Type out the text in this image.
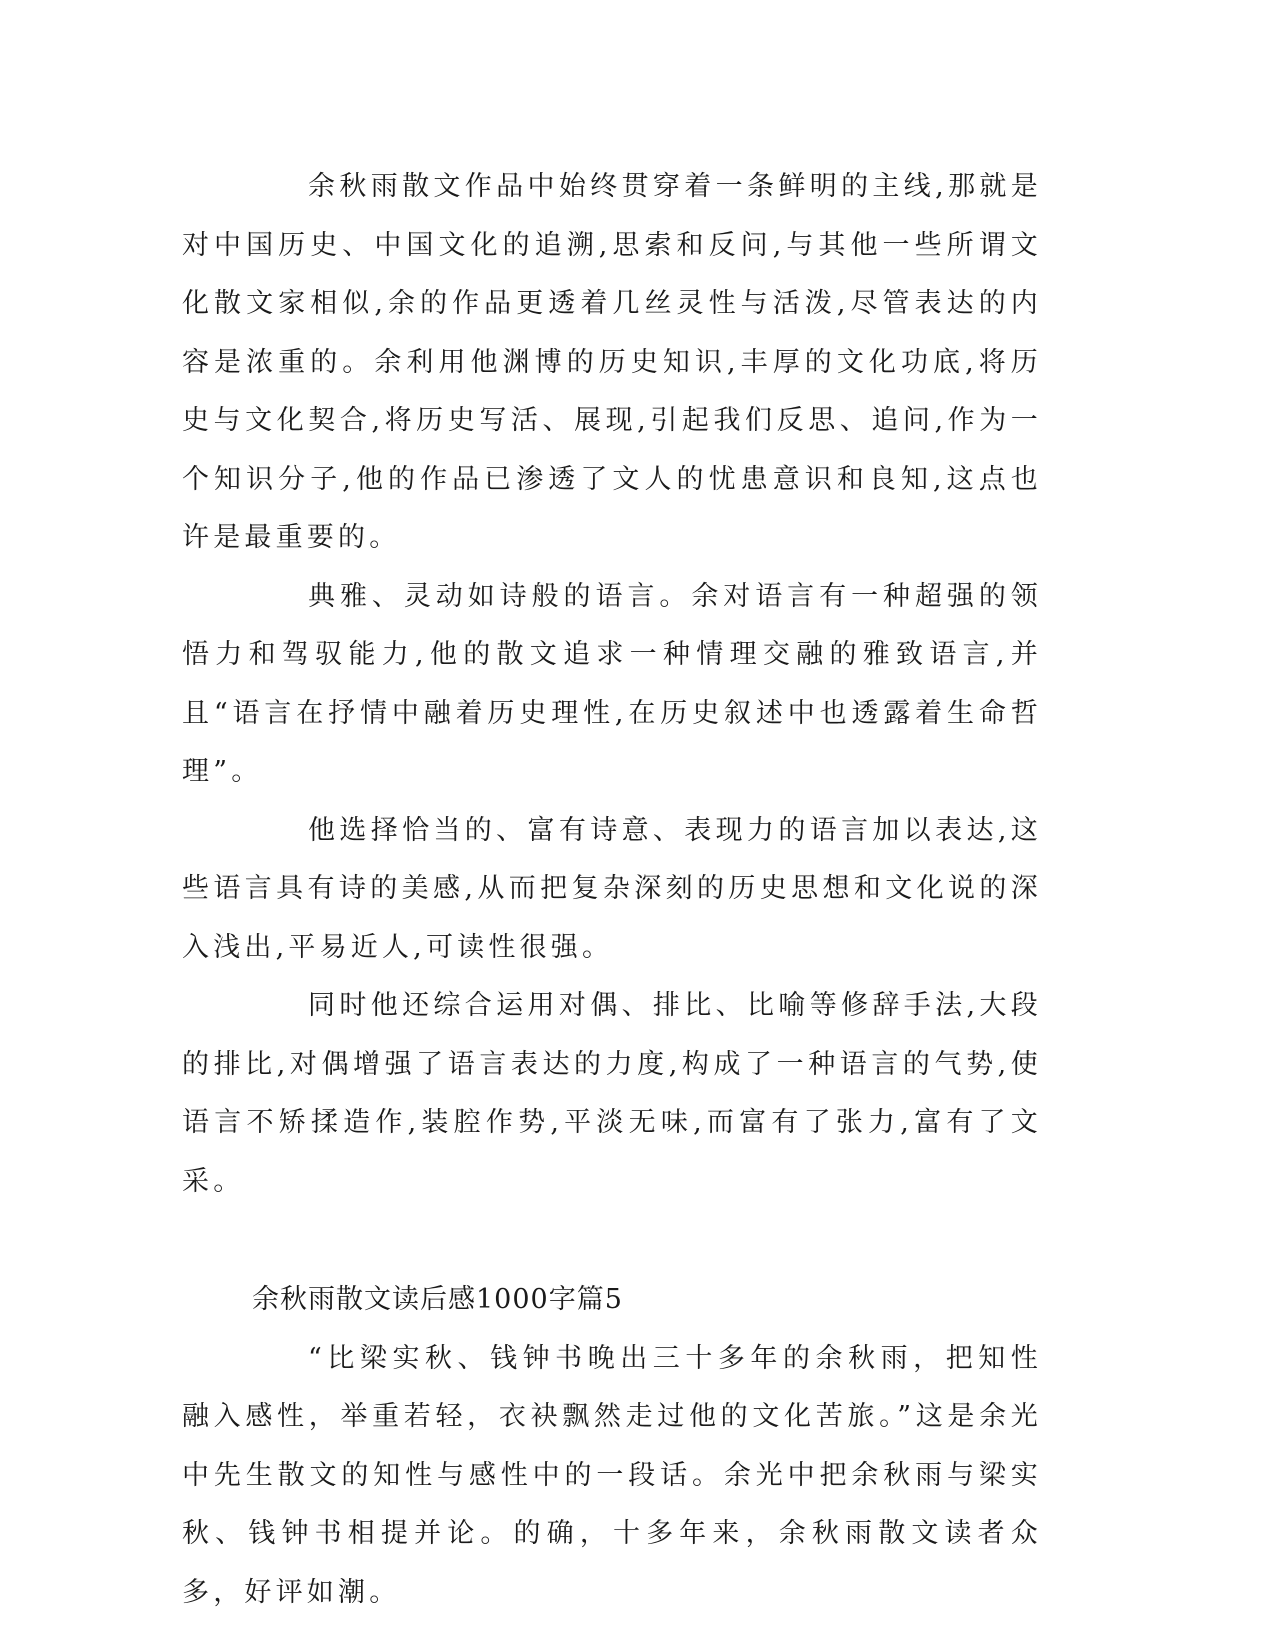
余秋雨散文作品中始终贯穿着一条鲜明的主线,那就是对中国历史、中国文化的追溯,思索和反问,与其他一些所谓文化散文家相似,余的作品更透着几丝灵性与活泼,尽管表达的内容是浓重的。余利用他渊博的历史知识,丰厚的文化功底,将历史与文化契合,将历史写活、展现,引起我们反思、追问,作为一个知识分子,他的作品已渗透了文人的忧患意识和良知,这点也许是最重要的。

典雅、灵动如诗般的语言。余对语言有一种超强的领悟力和驾驭能力,他的散文追求一种情理交融的雅致语言,并且“语言在抒情中融着历史理性,在历史叙述中也透露着生命哲理”。

他选择恰当的、富有诗意、表现力的语言加以表达,这些语言具有诗的美感,从而把复杂深刻的历史思想和文化说的深入浅出,平易近人,可读性很强。

同时他还综合运用对偶、排比、比喻等修辞手法,大段的排比,对偶增强了语言表达的力度,构成了一种语言的气势,使语言不矫揉造作,装腔作势,平淡无味,而富有了张力,富有了文采。

余秋雨散文读后感1000字篇5

“比梁实秋、钱钟书晚出三十多年的余秋雨，把知性融入感性，举重若轻，衣袂飘然走过他的文化苦旅。”这是余光中先生散文的知性与感性中的一段话。余光中把余秋雨与梁实秋、钱钟书相提并论。的确，十多年来，余秋雨散文读者众多，好评如潮。
